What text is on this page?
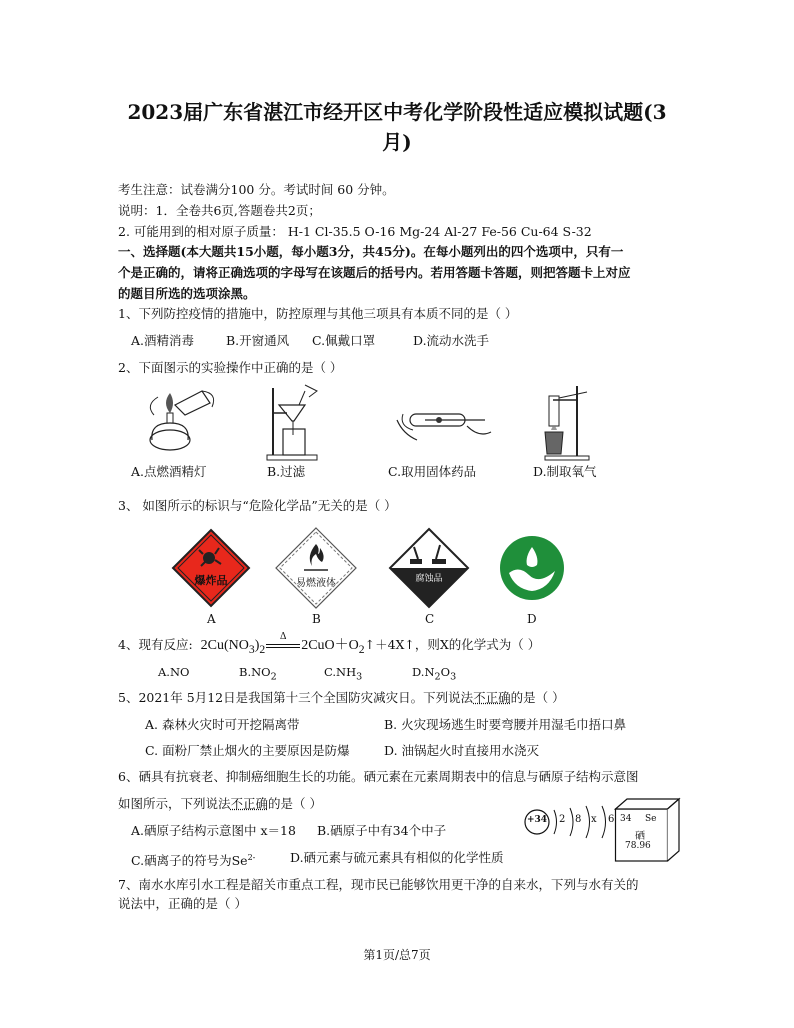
2023届广东省湛江市经开区中考化学阶段性适应模拟试题(3
月)
考生注意：试卷满分100 分。考试时间 60 分钟。
说明：1．全卷共6页,答题卷共2页；
2. 可能用到的相对原子质量： H-1 Cl-35.5 O-16 Mg-24 Al-27 Fe-56 Cu-64 S-32
一、选择题(本大题共15小题，每小题3分，共45分)。在每小题列出的四个选项中，只有一
个是正确的，请将正确选项的字母写在该题后的括号内。若用答题卡答题，则把答题卡上对应
的题目所选的选项涂黑。
1、下列防控疫情的措施中，防控原理与其他三项具有本质不同的是（ ）
A.酒精消毒	B.开窗通风 C.佩戴口罩	D.流动水洗手
2、下面图示的实验操作中正确的是（ ）
A.点燃酒精灯	B.过滤	C.取用固体药品	D.制取氧气
3、 如图所示的标识与“危险化学品”无关的是（ ）
爆炸品	易燃液体	腐蚀品
A	B	C	D
4、现有反应: $2Cu(NO_3)_2$
Δ
$2CuO+O_2↑+4X↑$，则X的化学式为（ ）
A.NO	$B.NO_2$	$C.NH_3$	$D.N_2O_3$
5、2021年 5月12日是我国第十三个全国防灾减灾日。下列说法不正确的是（ ）
A. 森林火灾时可开挖隔离带	B. 火灾现场逃生时要弯腰并用湿毛巾捂口鼻
C. 面粉厂禁止烟火的主要原因是防爆	D. 油锅起火时直接用水浇灭
6、硒具有抗衰老、抑制癌细胞生长的功能。硒元素在元素周期表中的信息与硒原子结构示意图
如图所示，下列说法不正确的是（ ）
A.硒原子结构示意图中 x＝18 B.硒原子中有34个中子
C.硒离子的符号为$Se^{2-}$	D.硒元素与硫元素具有相似的化学性质
+34 2 8 x 6 34 Se
硒
78.96
7、南水水库引水工程是韶关市重点工程，现市民已能够饮用更干净的自来水，下列与水有关的
说法中，正确的是（ ）
第1页/总7页
